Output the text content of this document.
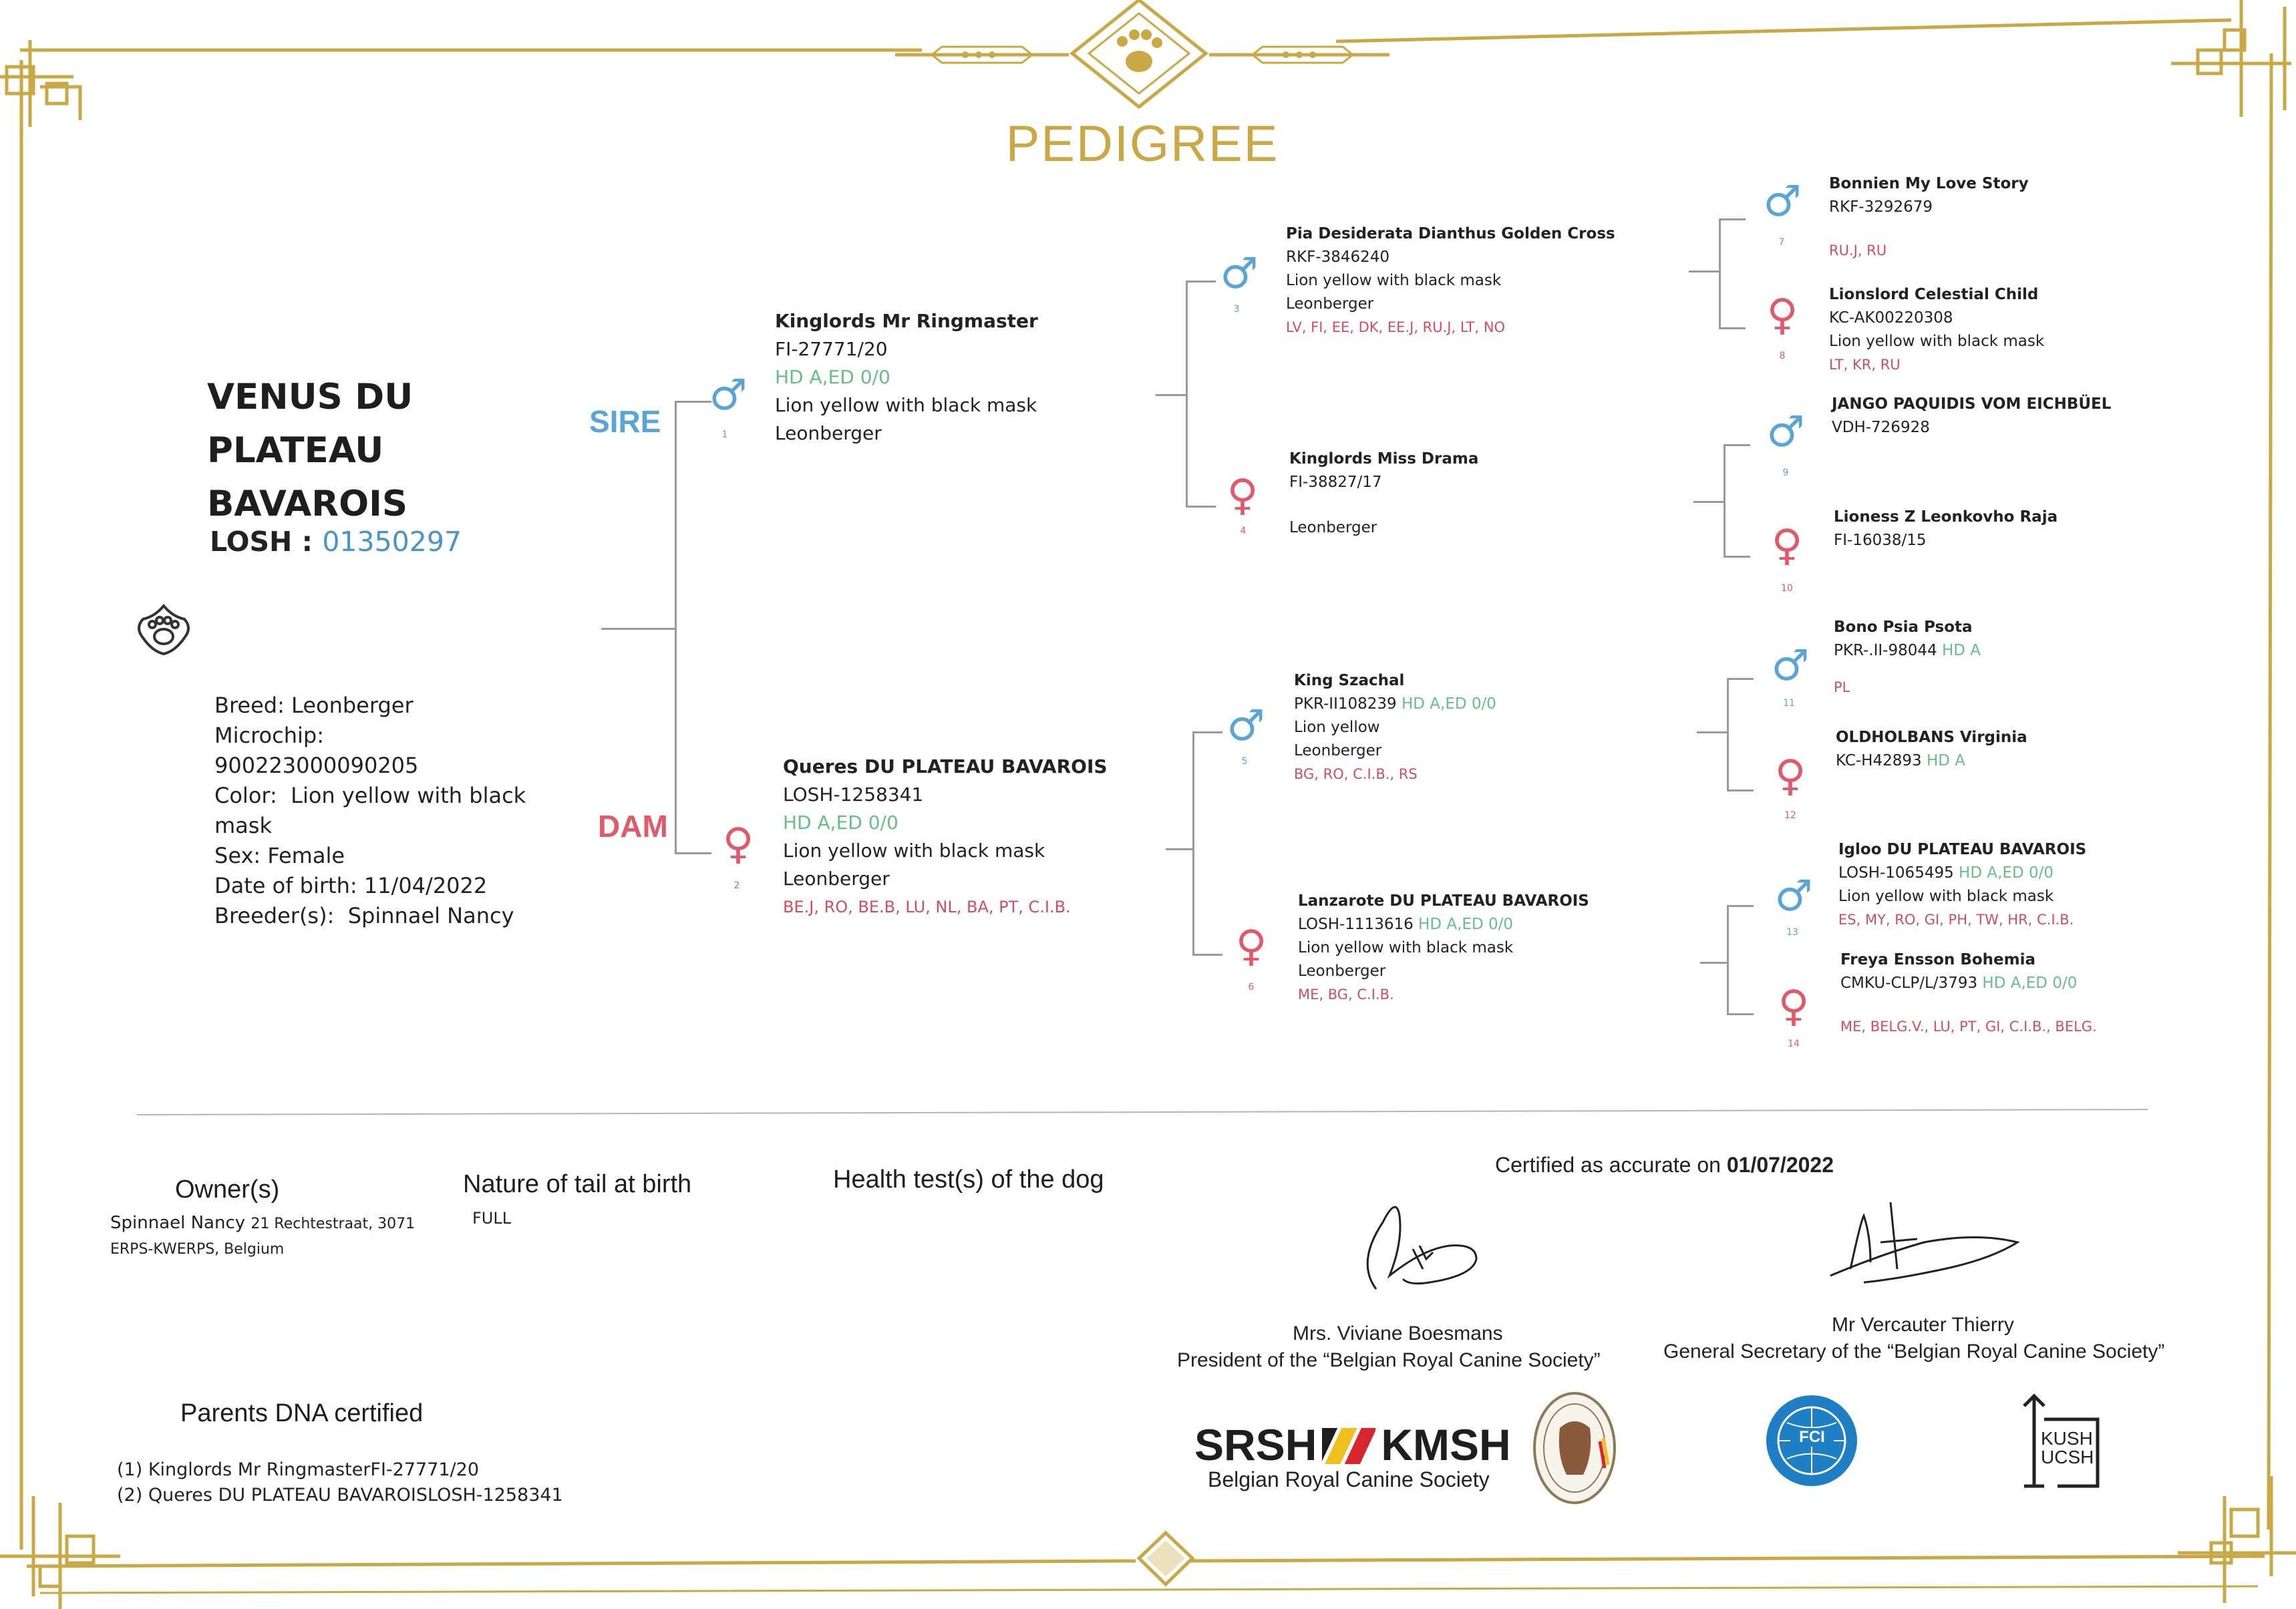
PEDIGREE
VENUS DU PLATEAU BAVAROIS
LOSH : 01350297
Breed: Leonberger
Microchip:  900223000090205
Color: Lion yellow with black mask
Sex: Female
Date of birth: 11/04/2022
Breeder(s): Spinnael Nancy
SIRE
DAM
♂
1
Kinglords Mr Ringmaster
FI-27771/20
HD A,ED 0/0
Lion yellow with black mask
Leonberger
♀
2
Queres DU PLATEAU BAVAROIS
LOSH-1258341
HD A,ED 0/0
Lion yellow with black mask
Leonberger
BE.J, RO, BE.B, LU, NL, BA, PT, C.I.B.
♂
3
Pia Desiderata Dianthus Golden Cross
RKF-3846240
Lion yellow with black mask
Leonberger
LV, FI, EE, DK, EE.J, RU.J, LT, NO
♀
4
Kinglords Miss Drama
FI-38827/17
Leonberger
♂
5
King Szachal
PKR-II108239 HD A,ED 0/0
Lion yellow
Leonberger
BG, RO, C.I.B., RS
♀
6
Lanzarote DU PLATEAU BAVAROIS
LOSH-1113616 HD A,ED 0/0
Lion yellow with black mask
Leonberger
ME, BG, C.I.B.
♂
7
Bonnien My Love Story
RKF-3292679
RU.J, RU
♀
8
Lionslord Celestial Child
KC-AK00220308
Lion yellow with black mask
LT, KR, RU
♂
9
JANGO PAQUIDIS VOM EICHBÜEL
VDH-726928
♀
10
Lioness Z Leonkovho Raja
FI-16038/15
♂
11
Bono Psia Psota
PKR-.II-98044 HD A
PL
♀
12
OLDHOLBANS Virginia
KC-H42893 HD A
♂
13
Igloo DU PLATEAU BAVAROIS
LOSH-1065495 HD A,ED 0/0
Lion yellow with black mask
ES, MY, RO, GI, PH, TW, HR, C.I.B.
♀
14
Freya Ensson Bohemia
CMKU-CLP/L/3793 HD A,ED 0/0
ME, BELG.V., LU, PT, GI, C.I.B., BELG.
Owner(s)
Spinnael Nancy 21 Rechtestraat, 3071
ERPS-KWERPS, Belgium
Nature of tail at birth
FULL
Health test(s) of the dog
Certified as accurate on 01/07/2022
Mrs. Viviane Boesmans
President of the “Belgian Royal Canine Society”
Mr Vercauter Thierry
General Secretary of the “Belgian Royal Canine Society”
Parents DNA certified
(1) Kinglords Mr RingmasterFI-27771/20
(2) Queres DU PLATEAU BAVAROISLOSH-1258341
SRSH KMSH
Belgian Royal Canine Society
FCI	KUSH
UCSH
